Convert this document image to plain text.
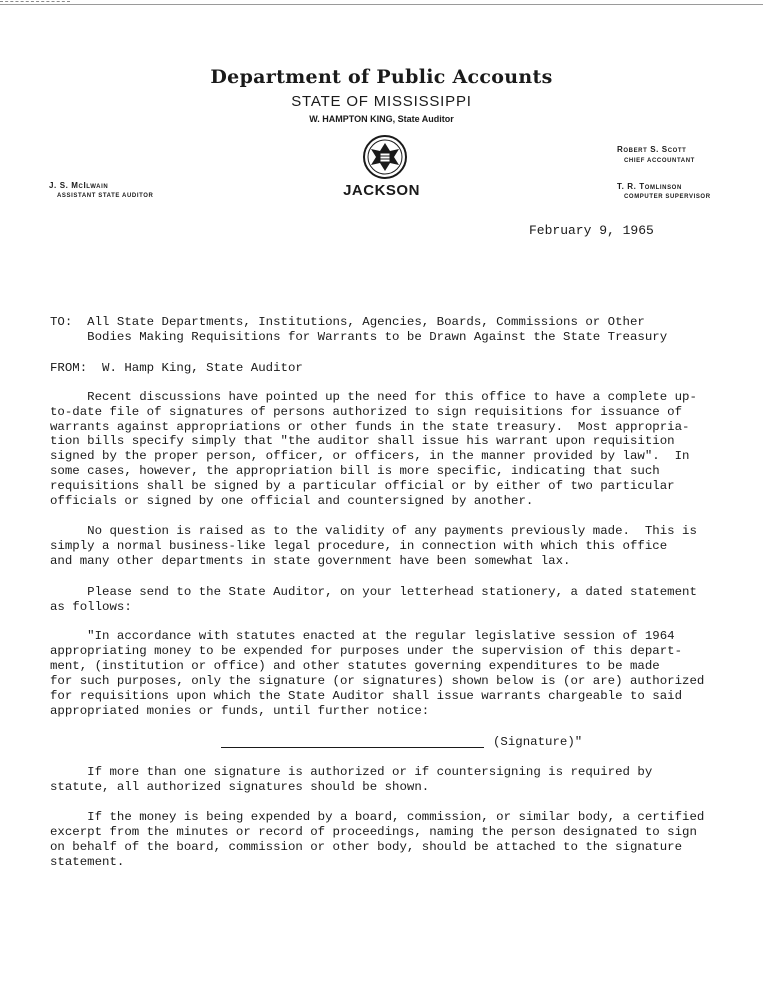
Department of Public Accounts
STATE OF MISSISSIPPI
W. HAMPTON KING, State Auditor
JACKSON
J. S. McIlwain
ASSISTANT STATE AUDITOR
Robert S. Scott
CHIEF ACCOUNTANT
T. R. Tomlinson
COMPUTER SUPERVISOR
February 9, 1965
TO:  All State Departments, Institutions, Agencies, Boards, Commissions or Other
Bodies Making Requisitions for Warrants to be Drawn Against the State Treasury
FROM:  W. Hamp King, State Auditor
Recent discussions have pointed up the need for this office to have a complete up-
to-date file of signatures of persons authorized to sign requisitions for issuance of
warrants against appropriations or other funds in the state treasury.  Most appropria-
tion bills specify simply that "the auditor shall issue his warrant upon requisition
signed by the proper person, officer, or officers, in the manner provided by law".  In
some cases, however, the appropriation bill is more specific, indicating that such
requisitions shall be signed by a particular official or by either of two particular
officials or signed by one official and countersigned by another.
No question is raised as to the validity of any payments previously made.  This is
simply a normal business-like legal procedure, in connection with which this office
and many other departments in state government have been somewhat lax.
Please send to the State Auditor, on your letterhead stationery, a dated statement
as follows:
"In accordance with statutes enacted at the regular legislative session of 1964
appropriating money to be expended for purposes under the supervision of this depart-
ment, (institution or office) and other statutes governing expenditures to be made
for such purposes, only the signature (or signatures) shown below is (or are) authorized
for requisitions upon which the State Auditor shall issue warrants chargeable to said
appropriated monies or funds, until further notice:
(Signature)"
If more than one signature is authorized or if countersigning is required by
statute, all authorized signatures should be shown.
If the money is being expended by a board, commission, or similar body, a certified
excerpt from the minutes or record of proceedings, naming the person designated to sign
on behalf of the board, commission or other body, should be attached to the signature
statement.
